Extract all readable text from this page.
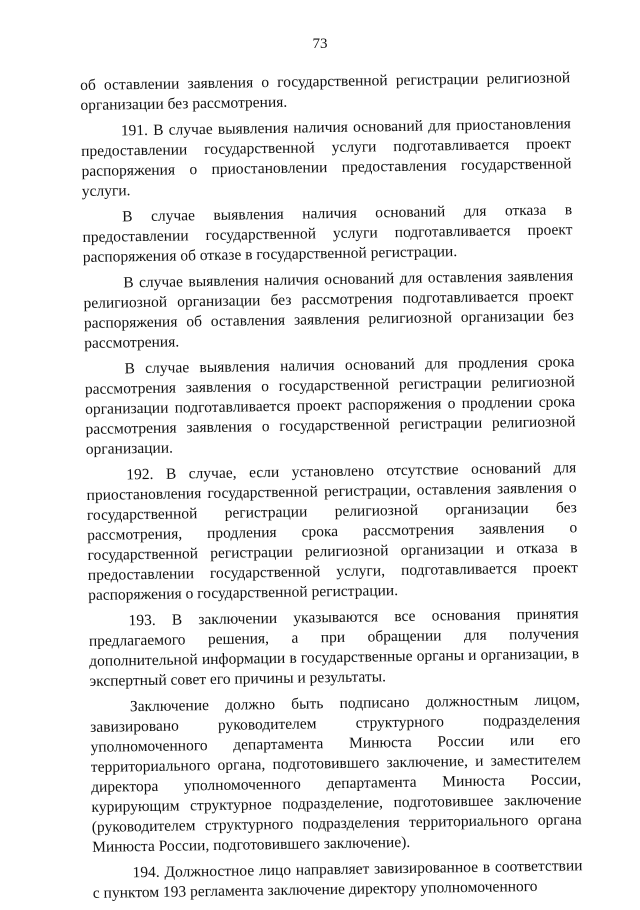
73

об оставлении заявления о государственной регистрации религиозной организации без рассмотрения.

191. В случае выявления наличия оснований для приостановления предоставлении государственной услуги подготавливается проект распоряжения о приостановлении предоставления государственной услуги.

В случае выявления наличия оснований для отказа в предоставлении государственной услуги подготавливается проект распоряжения об отказе в государственной регистрации.

В случае выявления наличия оснований для оставления заявления религиозной организации без рассмотрения подготавливается проект распоряжения об оставления заявления религиозной организации без рассмотрения.

В случае выявления наличия оснований для продления срока рассмотрения заявления о государственной регистрации религиозной организации подготавливается проект распоряжения о продлении срока рассмотрения заявления о государственной регистрации религиозной организации.

192. В случае, если установлено отсутствие оснований для приостановления государственной регистрации, оставления заявления о государственной регистрации религиозной организации без рассмотрения, продления срока рассмотрения заявления о государственной регистрации религиозной организации и отказа в предоставлении государственной услуги, подготавливается проект распоряжения о государственной регистрации.

193. В заключении указываются все основания принятия предлагаемого решения, а при обращении для получения дополнительной информации в государственные органы и организации, в экспертный совет его причины и результаты.

Заключение должно быть подписано должностным лицом, завизировано руководителем структурного подразделения уполномоченного департамента Минюста России или его территориального органа, подготовившего заключение, и заместителем директора уполномоченного департамента Минюста России, курирующим структурное подразделение, подготовившее заключение (руководителем структурного подразделения территориального органа Минюста России, подготовившего заключение).

194. Должностное лицо направляет завизированное в соответствии с пунктом 193 регламента заключение директору уполномоченного
